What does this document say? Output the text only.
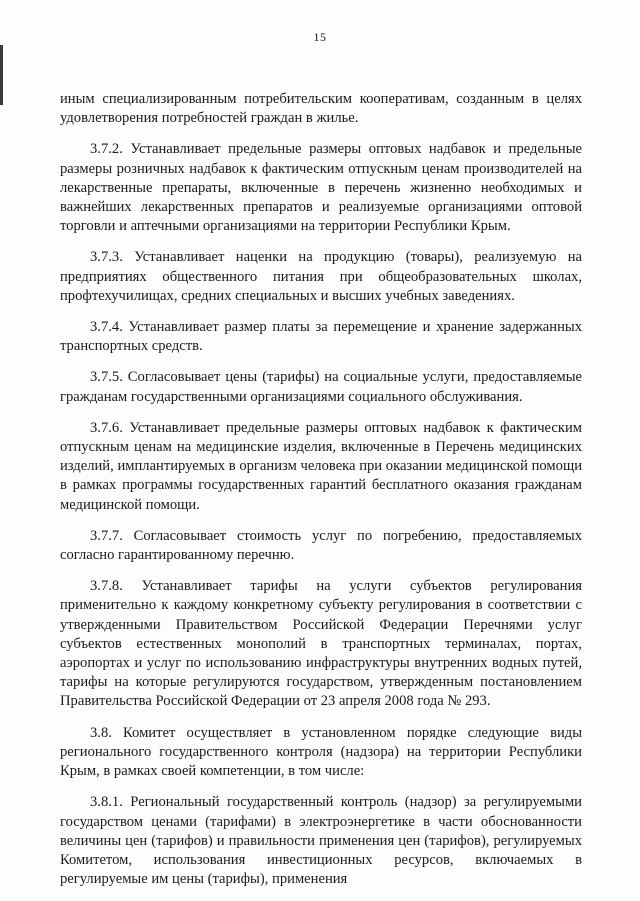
15

иным специализированным потребительским кооперативам, созданным в целях удовлетворения потребностей граждан в жилье.

3.7.2. Устанавливает предельные размеры оптовых надбавок и предельные размеры розничных надбавок к фактическим отпускным ценам производителей на лекарственные препараты, включенные в перечень жизненно необходимых и важнейших лекарственных препаратов и реализуемые организациями оптовой торговли и аптечными организациями на территории Республики Крым.

3.7.3. Устанавливает наценки на продукцию (товары), реализуемую на предприятиях общественного питания при общеобразовательных школах, профтехучилищах, средних специальных и высших учебных заведениях.

3.7.4. Устанавливает размер платы за перемещение и хранение задержанных транспортных средств.

3.7.5. Согласовывает цены (тарифы) на социальные услуги, предоставляемые гражданам государственными организациями социального обслуживания.

3.7.6. Устанавливает предельные размеры оптовых надбавок к фактическим отпускным ценам на медицинские изделия, включенные в Перечень медицинских изделий, имплантируемых в организм человека при оказании медицинской помощи в рамках программы государственных гарантий бесплатного оказания гражданам медицинской помощи.

3.7.7. Согласовывает стоимость услуг по погребению, предоставляемых согласно гарантированному перечню.

3.7.8. Устанавливает тарифы на услуги субъектов регулирования применительно к каждому конкретному субъекту регулирования в соответствии с утвержденными Правительством Российской Федерации Перечнями услуг субъектов естественных монополий в транспортных терминалах, портах, аэропортах и услуг по использованию инфраструктуры внутренних водных путей, тарифы на которые регулируются государством, утвержденным постановлением Правительства Российской Федерации от 23 апреля 2008 года № 293.

3.8. Комитет осуществляет в установленном порядке следующие виды регионального государственного контроля (надзора) на территории Республики Крым, в рамках своей компетенции, в том числе:

3.8.1. Региональный государственный контроль (надзор) за регулируемыми государством ценами (тарифами) в электроэнергетике в части обоснованности величины цен (тарифов) и правильности применения цен (тарифов), регулируемых Комитетом, использования инвестиционных ресурсов, включаемых в регулируемые им цены (тарифы), применения
